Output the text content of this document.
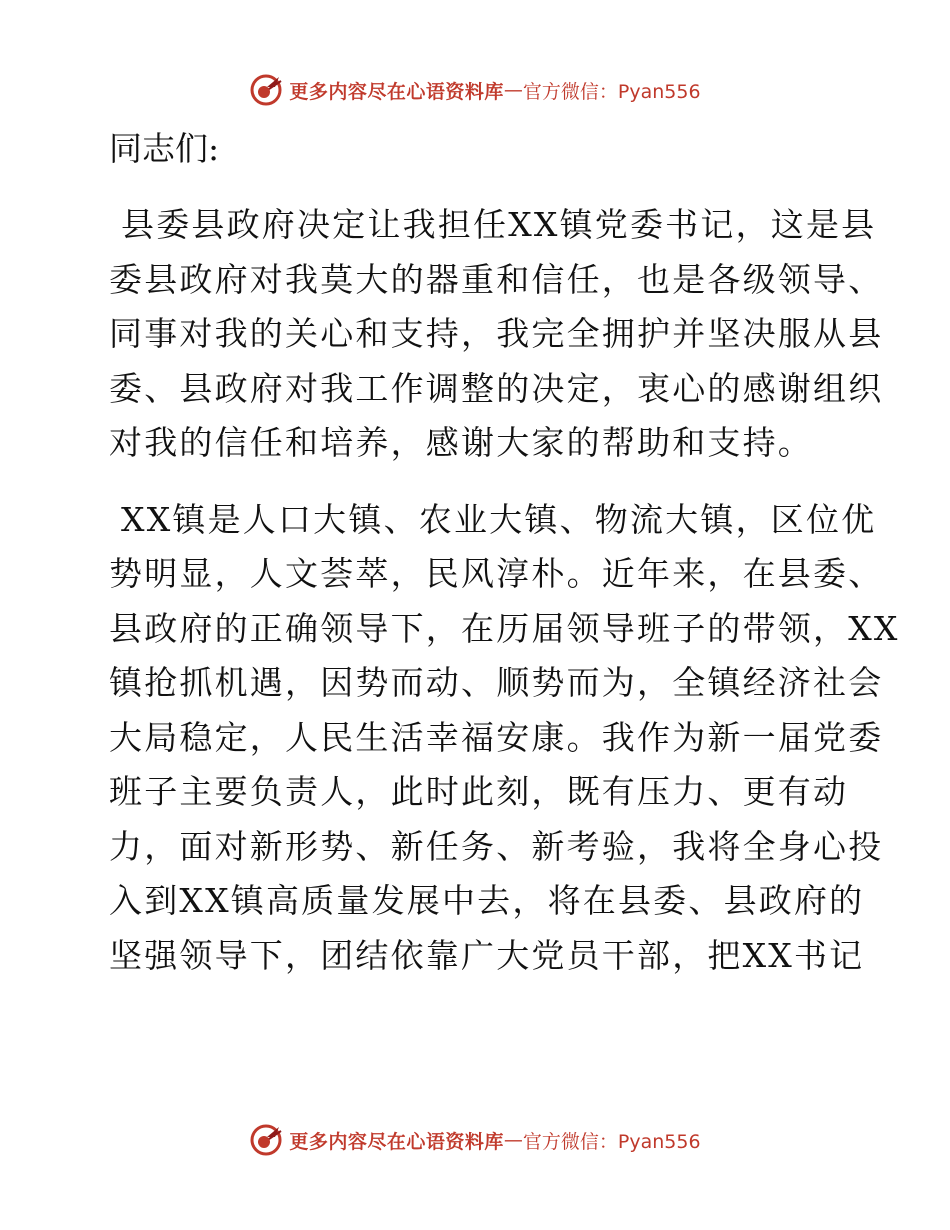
更多内容尽在心语资料库 — 官方微信：Pyan556
同志们:
县委县政府决定让我担任XX镇党委书记，这是县
委县政府对我莫大的器重和信任，也是各级领导、
同事对我的关心和支持，我完全拥护并坚决服从县
委、县政府对我工作调整的决定，衷心的感谢组织
对我的信任和培养，感谢大家的帮助和支持。
XX镇是人口大镇、农业大镇、物流大镇，区位优
势明显，人文荟萃，民风淳朴。近年来，在县委、
县政府的正确领导下，在历届领导班子的带领，XX
镇抢抓机遇，因势而动、顺势而为，全镇经济社会
大局稳定，人民生活幸福安康。我作为新一届党委
班子主要负责人，此时此刻，既有压力、更有动
力，面对新形势、新任务、新考验，我将全身心投
入到XX镇高质量发展中去，将在县委、县政府的
坚强领导下，团结依靠广大党员干部，把XX书记
更多内容尽在心语资料库 — 官方微信：Pyan556
